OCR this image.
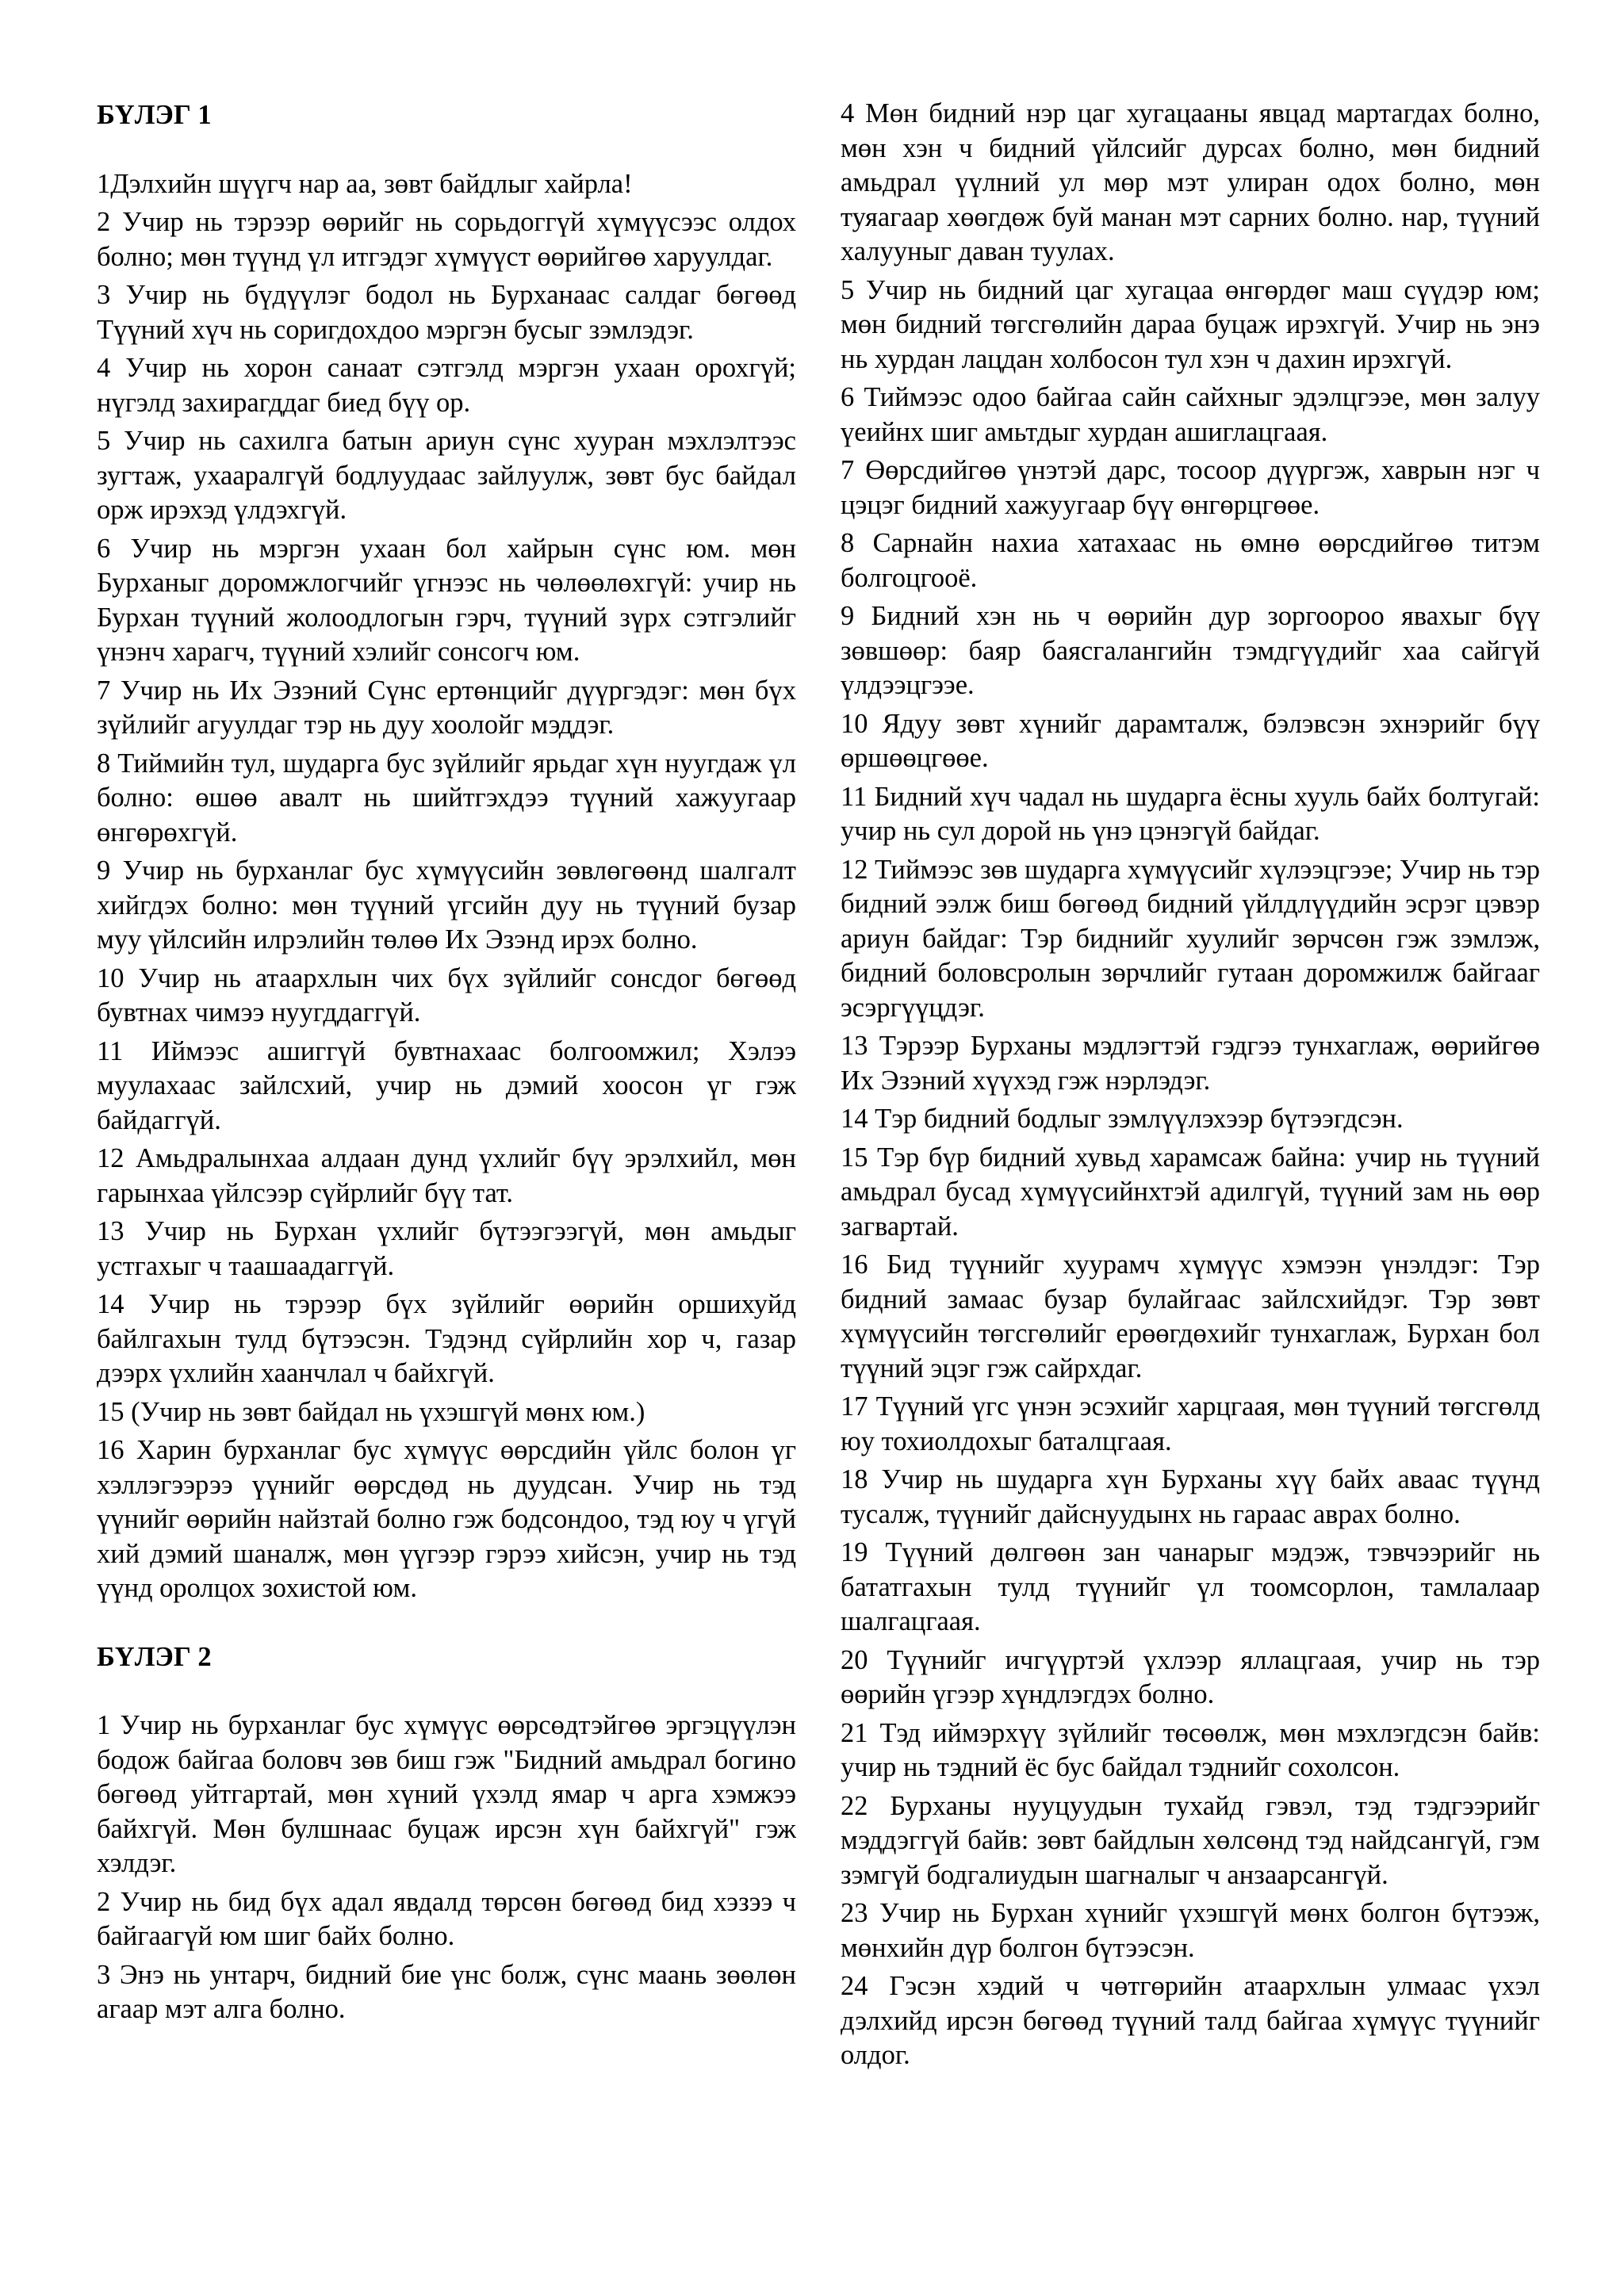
БҮЛЭГ 1

1Дэлхийн шүүгч нар аа, зөвт байдлыг хайрла!

2 Учир нь тэрээр өөрийг нь сорьдоггүй хүмүүсээс олдох болно; мөн түүнд үл итгэдэг хүмүүст өөрийгөө харуулдаг.

3 Учир нь бүдүүлэг бодол нь Бурханаас салдаг бөгөөд Түүний хүч нь соригдохдоо мэргэн бусыг зэмлэдэг.

4 Учир нь хорон санаат сэтгэлд мэргэн ухаан орохгүй; нүгэлд захирагддаг биед бүү ор.

5 Учир нь сахилга батын ариун сүнс хууран мэхлэлтээс зугтаж, ухааралгүй бодлуудаас зайлуулж, зөвт бус байдал орж ирэхэд үлдэхгүй.

6 Учир нь мэргэн ухаан бол хайрын сүнс юм. мөн Бурханыг доромжлогчийг үгнээс нь чөлөөлөхгүй: учир нь Бурхан түүний жолоодлогын гэрч, түүний зүрх сэтгэлийг үнэнч харагч, түүний хэлийг сонсогч юм.

7 Учир нь Их Эзэний Сүнс ертөнцийг дүүргэдэг: мөн бүх зүйлийг агуулдаг тэр нь дуу хоолойг мэддэг.

8 Тиймийн тул, шударга бус зүйлийг ярьдаг хүн нуугдаж үл болно: өшөө авалт нь шийтгэхдээ түүний хажуугаар өнгөрөхгүй.

9 Учир нь бурханлаг бус хүмүүсийн зөвлөгөөнд шалгалт хийгдэх болно: мөн түүний үгсийн дуу нь түүний бузар муу үйлсийн илрэлийн төлөө Их Эзэнд ирэх болно.

10 Учир нь атаархлын чих бүх зүйлийг сонсдог бөгөөд бувтнах чимээ нуугддаггүй.

11 Иймээс ашиггүй бувтнахаас болгоомжил; Хэлээ муулахаас зайлсхий, учир нь дэмий хоосон үг гэж байдаггүй.

12 Амьдралынхаа алдаан дунд үхлийг бүү эрэлхийл, мөн гарынхаа үйлсээр сүйрлийг бүү тат.

13 Учир нь Бурхан үхлийг бүтээгээгүй, мөн амьдыг устгахыг ч таашаадаггүй.

14 Учир нь тэрээр бүх зүйлийг өөрийн оршихуйд байлгахын тулд бүтээсэн. Тэдэнд сүйрлийн хор ч, газар дээрх үхлийн хаанчлал ч байхгүй.

15 (Учир нь зөвт байдал нь үхэшгүй мөнх юм.)

16 Харин бурханлаг бус хүмүүс өөрсдийн үйлс болон үг хэллэгээрээ үүнийг өөрсдөд нь дуудсан. Учир нь тэд үүнийг өөрийн найзтай болно гэж бодсондоо, тэд юу ч үгүй хий дэмий шаналж, мөн үүгээр гэрээ хийсэн, учир нь тэд үүнд оролцох зохистой юм.

БҮЛЭГ 2

1 Учир нь бурханлаг бус хүмүүс өөрсөдтэйгөө эргэцүүлэн бодож байгаа боловч зөв биш гэж "Бидний амьдрал богино бөгөөд уйтгартай, мөн хүний үхэлд ямар ч арга хэмжээ байхгүй. Мөн булшнаас буцаж ирсэн хүн байхгүй" гэж хэлдэг.

2 Учир нь бид бүх адал явдалд төрсөн бөгөөд бид хэзээ ч байгаагүй юм шиг байх болно.

3 Энэ нь унтарч, бидний бие үнс болж, сүнс маань зөөлөн агаар мэт алга болно.

4 Мөн бидний нэр цаг хугацааны явцад мартагдах болно, мөн хэн ч бидний үйлсийг дурсах болно, мөн бидний амьдрал үүлний ул мөр мэт улиран одох болно, мөн туяагаар хөөгдөж буй манан мэт сарних болно. нар, түүний халууныг даван туулах.

5 Учир нь бидний цаг хугацаа өнгөрдөг маш сүүдэр юм; мөн бидний төгсгөлийн дараа буцаж ирэхгүй. Учир нь энэ нь хурдан лацдан холбосон тул хэн ч дахин ирэхгүй.

6 Тиймээс одоо байгаа сайн сайхныг эдэлцгээе, мөн залуу үеийнх шиг амьтдыг хурдан ашиглацгаая.

7 Өөрсдийгөө үнэтэй дарс, тосоор дүүргэж, хаврын нэг ч цэцэг бидний хажуугаар бүү өнгөрцгөөе.

8 Сарнайн нахиа хатахаас нь өмнө өөрсдийгөө титэм болгоцгооё.

9 Бидний хэн нь ч өөрийн дур зоргоороо явахыг бүү зөвшөөр: баяр баясгалангийн тэмдгүүдийг хаа сайгүй үлдээцгээе.

10 Ядуу зөвт хүнийг дарамталж, бэлэвсэн эхнэрийг бүү өршөөцгөөе.

11 Бидний хүч чадал нь шударга ёсны хууль байх болтугай: учир нь сул дорой нь үнэ цэнэгүй байдаг.

12 Тиймээс зөв шударга хүмүүсийг хүлээцгээе; Учир нь тэр бидний ээлж биш бөгөөд бидний үйлдлүүдийн эсрэг цэвэр ариун байдаг: Тэр биднийг хуулийг зөрчсөн гэж зэмлэж, бидний боловсролын зөрчлийг гутаан доромжилж байгааг эсэргүүцдэг.

13 Тэрээр Бурханы мэдлэгтэй гэдгээ тунхаглаж, өөрийгөө Их Эзэний хүүхэд гэж нэрлэдэг.

14 Тэр бидний бодлыг зэмлүүлэхээр бүтээгдсэн.

15 Тэр бүр бидний хувьд харамсаж байна: учир нь түүний амьдрал бусад хүмүүсийнхтэй адилгүй, түүний зам нь өөр загвартай.

16 Бид түүнийг хуурамч хүмүүс хэмээн үнэлдэг: Тэр бидний замаас бузар булайгаас зайлсхийдэг. Тэр зөвт хүмүүсийн төгсгөлийг ерөөгдөхийг тунхаглаж, Бурхан бол түүний эцэг гэж сайрхдаг.

17 Түүний үгс үнэн эсэхийг харцгаая, мөн түүний төгсгөлд юу тохиолдохыг баталцгаая.

18 Учир нь шударга хүн Бурханы хүү байх аваас түүнд тусалж, түүнийг дайснуудынх нь гараас аврах болно.

19 Түүний дөлгөөн зан чанарыг мэдэж, тэвчээрийг нь бататгахын тулд түүнийг үл тоомсорлон, тамлалаар шалгацгаая.

20 Түүнийг ичгүүртэй үхлээр яллацгаая, учир нь тэр өөрийн үгээр хүндлэгдэх болно.

21 Тэд иймэрхүү зүйлийг төсөөлж, мөн мэхлэгдсэн байв: учир нь тэдний ёс бус байдал тэднийг сохолсон.

22 Бурханы нууцуудын тухайд гэвэл, тэд тэдгээрийг мэддэггүй байв: зөвт байдлын хөлсөнд тэд найдсангүй, гэм зэмгүй бодгалиудын шагналыг ч анзаарсангүй.

23 Учир нь Бурхан хүнийг үхэшгүй мөнх болгон бүтээж, мөнхийн дүр болгон бүтээсэн.

24 Гэсэн хэдий ч чөтгөрийн атаархлын улмаас үхэл дэлхийд ирсэн бөгөөд түүний талд байгаа хүмүүс түүнийг олдог.
